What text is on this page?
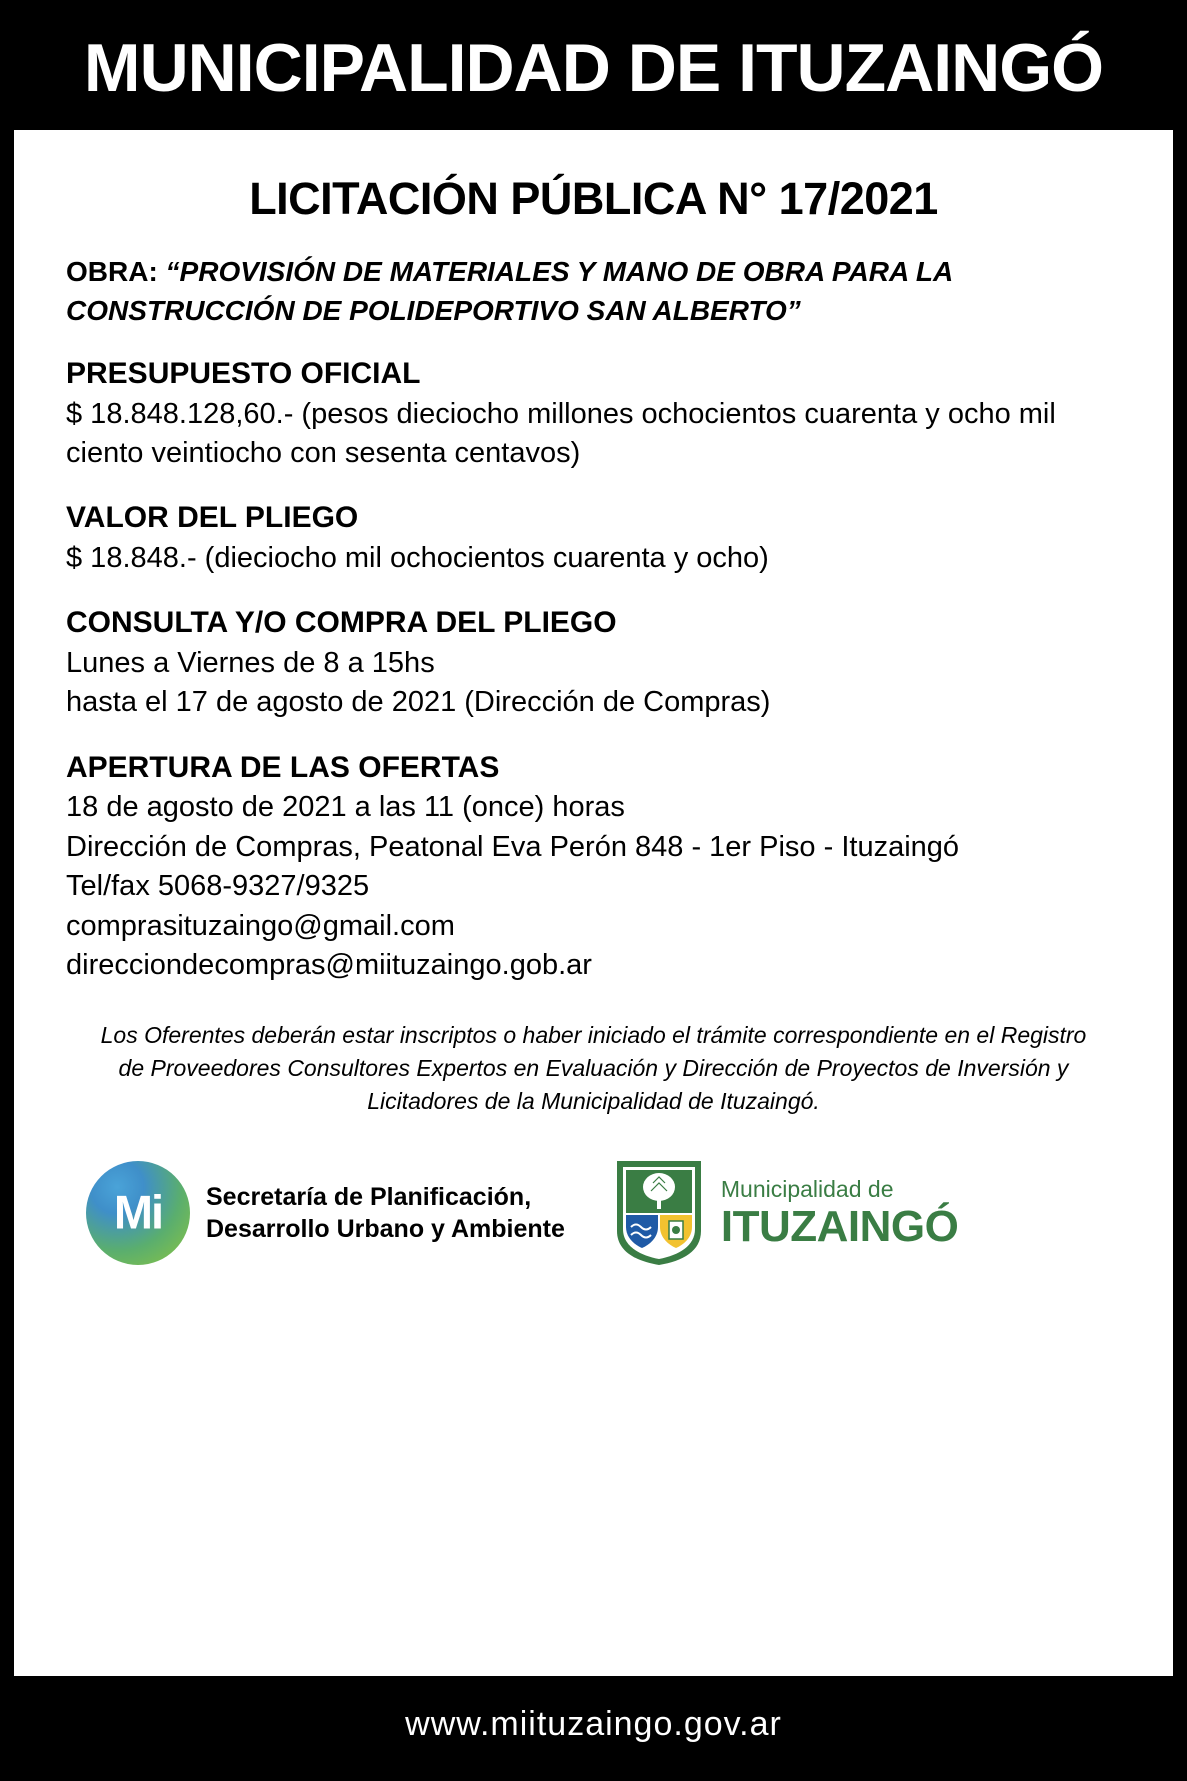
MUNICIPALIDAD DE ITUZAINGÓ
LICITACIÓN PÚBLICA N° 17/2021
OBRA: “PROVISIÓN DE MATERIALES Y MANO DE OBRA PARA LA CONSTRUCCIÓN DE POLIDEPORTIVO SAN ALBERTO”
PRESUPUESTO OFICIAL
$ 18.848.128,60.- (pesos dieciocho millones ochocientos cuarenta y ocho mil ciento veintiocho con sesenta centavos)
VALOR DEL PLIEGO
$ 18.848.- (dieciocho mil ochocientos cuarenta y ocho)
CONSULTA Y/O COMPRA DEL PLIEGO
Lunes a Viernes de 8 a 15hs
hasta el 17 de agosto de 2021 (Dirección de Compras)
APERTURA DE LAS OFERTAS
18 de agosto de 2021 a las 11 (once) horas
Dirección de Compras, Peatonal Eva Perón 848 - 1er Piso - Ituzaingó
Tel/fax 5068-9327/9325
comprasituzaingo@gmail.com
direcciondecompras@miituzaingo.gob.ar
Los Oferentes deberán estar inscriptos o haber iniciado el trámite correspondiente en el Registro de Proveedores Consultores Expertos en Evaluación y Dirección de Proyectos de Inversión y Licitadores de la Municipalidad de Ituzaingó.
Mi	Secretaría de Planificación,
Desarrollo Urbano y Ambiente
Municipalidad de
ITUZAINGÓ
www.miituzaingo.gov.ar
